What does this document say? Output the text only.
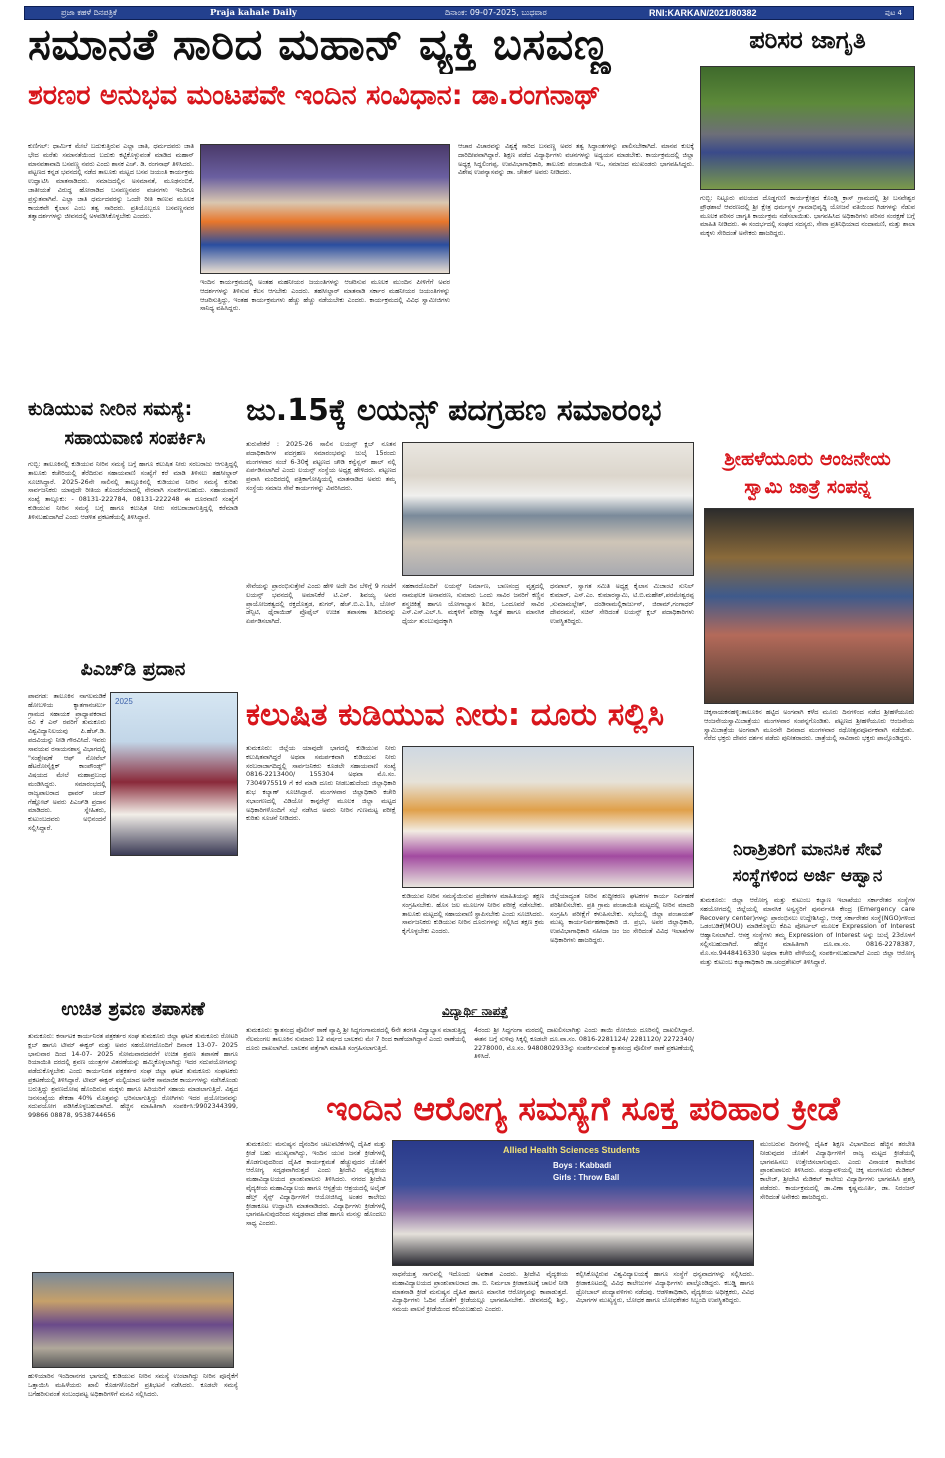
ಪ್ರಜಾ ಕಹಳೆ ದಿನಪತ್ರಿಕೆ	Praja kahale Daily	ದಿನಾಂಕ: 09-07-2025, ಬುಧವಾರ	RNI:KARKAN/2021/80382	ಪುಟ 4
ಸಮಾನತೆ ಸಾರಿದ ಮಹಾನ್ ವ್ಯಕ್ತಿ ಬಸವಣ್ಣ
ಶರಣರ ಅನುಭವ ಮಂಟಪವೇ ಇಂದಿನ ಸಂವಿಧಾನ: ಡಾ.ರಂಗನಾಥ್
ಕುಣಿಗಲ್: ಧಾರ್ಮಿಕ ಮೇಲೆ ಬದುಕುತ್ತಿರುವ ಎಲ್ಲಾ ಜಾತಿ, ಧರ್ಮದವರು ಜಾತಿ ಭೇದ ಮರೆತು ಸಮಾನತೆಯಿಂದ ಬದುಕು ಕಟ್ಟಿಕೊಳ್ಳುವಂತೆ ಮಾಡಿದ ಮಹಾನ್ ಮಾನವತಾವಾದಿ ಬಸವಣ್ಣ ನವರು ಎಂದು ಶಾಸಕ ಎಚ್. ಡಿ. ರಂಗನಾಥ್ ತಿಳಿಸಿದರು. ಪಟ್ಟಣದ ಕನ್ನಡ ಭವನದಲ್ಲಿ ನಡೆದ ತಾಲೂಕು ಮಟ್ಟದ ಬಸವ ಜಯಂತಿ ಕಾರ್ಯಕ್ರಮ ಉದ್ಘಾಟಿಸಿ ಮಾತನಾಡಿದರು. ಸಮಾಜದಲ್ಲಿನ ಅಸಮಾನತೆ, ಮೂಢನಂಬಿಕೆ, ಜಾತೀಯತೆ ವಿರುದ್ಧ ಹೋರಾಡಿದ ಬಸವಣ್ಣನವರ ವಚನಗಳು ಇಂದಿಗೂ ಪ್ರಸ್ತುತವಾಗಿವೆ. ಎಲ್ಲಾ ಜಾತಿ ಧರ್ಮದವರನ್ನು ಒಂದೇ ರೀತಿ ಕಾಣುವ ಮೂಲಕ ಕಾಯಕವೇ ಕೈಲಾಸ ಎಂಬ ತತ್ವ ಸಾರಿದರು. ಪ್ರತಿಯೊಬ್ಬರೂ ಬಸವಣ್ಣನವರ ತತ್ವಾದರ್ಶಗಳನ್ನು ಜೀವನದಲ್ಲಿ ಅಳವಡಿಸಿಕೊಳ್ಳಬೇಕು ಎಂದರು.
ಇಂದಿನ ಕಾರ್ಯಕ್ರಮದಲ್ಲಿ ಅಂತಹ ಮಹನೀಯರ ಜಯಂತಿಗಳನ್ನು ಆಚರಿಸುವ ಮೂಲಕ ಮುಂದಿನ ಪೀಳಿಗೆಗೆ ಅವರ ಆದರ್ಶಗಳನ್ನು ತಿಳಿಸುವ ಕೆಲಸ ಆಗಬೇಕು ಎಂದರು. ತಹಸೀಲ್ದಾರ್ ಮಾತನಾಡಿ ಸರ್ಕಾರ ಮಹನೀಯರ ಜಯಂತಿಗಳನ್ನು ಆಚರಿಸುತ್ತಿದ್ದು, ಇಂತಹ ಕಾರ್ಯಕ್ರಮಗಳು ಹೆಚ್ಚು ಹೆಚ್ಚು ನಡೆಯಬೇಕು ಎಂದರು. ಕಾರ್ಯಕ್ರಮದಲ್ಲಿ ವಿವಿಧ ಸ್ವಾಮೀಜಿಗಳು ಸಾನಿಧ್ಯ ವಹಿಸಿದ್ದರು.
ಆಚಾರ ವಿಚಾರವನ್ನು ವಿಶ್ವಕ್ಕೆ ಸಾರಿದ ಬಸವಣ್ಣ ಅವರ ತತ್ವ ಸಿದ್ಧಾಂತಗಳನ್ನು ಪಾಲಿಸಬೇಕಾಗಿದೆ. ಮಾನವ ಕುಲಕ್ಕೆ ದಾರಿದೀಪವಾಗಿದ್ದಾರೆ. ಶಿಕ್ಷಣ ಪಡೆದ ವಿದ್ಯಾರ್ಥಿಗಳು ವಚನಗಳನ್ನು ಅಧ್ಯಯನ ಮಾಡಬೇಕು. ಕಾರ್ಯಕ್ರಮದಲ್ಲಿ ಜಿಲ್ಲಾ ಅಧ್ಯಕ್ಷ ಸಿದ್ದಲಿಂಗಪ್ಪ, ಉಪವಿಭಾಗಾಧಿಕಾರಿ, ತಾಲೂಕು ಪಂಚಾಯಿತಿ ಇಒ, ಸಮಾಜದ ಮುಖಂಡರು ಭಾಗವಹಿಸಿದ್ದರು. ವಿಶೇಷ ಉಪನ್ಯಾಸವನ್ನು ಡಾ. ಚೇತನ್ ಅವರು ನೀಡಿದರು.
ಪರಿಸರ ಜಾಗೃತಿ
ಗುಬ್ಬಿ: ನಿಟ್ಟೂರು ವಲಯದ ದೊಡ್ಡಗುಣಿ ಕಾರ್ಯಕ್ಷೇತ್ರದ ಕೊಂಡ್ಲಿ ಕ್ರಾಸ್ ಗ್ರಾಮದಲ್ಲಿ ಶ್ರೀ ಬಸವೇಶ್ವರ ಪ್ರೌಢಶಾಲೆ ಆವರಣದಲ್ಲಿ ಶ್ರೀ ಕ್ಷೇತ್ರ ಧರ್ಮಸ್ಥಳ ಗ್ರಾಮಾಭಿವೃದ್ಧಿ ಯೋಜನೆ ವತಿಯಿಂದ ಗಿಡಗಳನ್ನು ನೆಡುವ ಮೂಲಕ ಪರಿಸರ ಜಾಗೃತಿ ಕಾರ್ಯಕ್ರಮ ನಡೆಸಲಾಯಿತು. ಭಾಗವಹಿಸಿದ ಅಧಿಕಾರಿಗಳು ಪರಿಸರ ಸಂರಕ್ಷಣೆ ಬಗ್ಗೆ ಮಾಹಿತಿ ನೀಡಿದರು. ಈ ಸಂದರ್ಭದಲ್ಲಿ ಸಂಘದ ಸದಸ್ಯರು, ಸೇವಾ ಪ್ರತಿನಿಧಿಯಾದ ನಂದಾಮಣಿ, ಮತ್ತು ಶಾಲಾ ಮಕ್ಕಳು ಸೇರಿದಂತೆ ಅನೇಕರು ಹಾಜರಿದ್ದರು.
ಶ್ರೀಹಳೆಯೂರು ಆಂಜನೇಯ
ಸ್ವಾಮಿ ಜಾತ್ರೆ ಸಂಪನ್ನ
ಚಿಕ್ಕನಾಯಕನಹಳ್ಳಿ:ತಾಲೂಕಿನ ಹಟ್ಟಿದ ಅಂಗವಾಗಿ ಕಳೆದ ಮೂರು ದಿನಗಳಿಂದ ನಡೆದ ಶ್ರೀಹಳೆಯೂರು ಆಂಜನೇಯಸ್ವಾಮಿಜಾತ್ರೆಯು ಮಂಗಳವಾರ ಸಂಪನ್ನಗೊಂಡಿತು. ಪಟ್ಟಣದ ಶ್ರೀಹಳೆಯೂರು ಆಂಜನೇಯ ಸ್ವಾಮಿಜಾತ್ರೆಯ ಅಂಗವಾಗಿ ಮೂರನೇ ದಿನವಾದ ಮಂಗಳವಾರ ರಥೋತ್ಸವಪೂರ್ವಕವಾಗಿ ನಡೆಯಿತು. ನೆರೆದ ಭಕ್ತರು ದೇವರ ದರ್ಶನ ಪಡೆದು ಪುನೀತರಾದರು. ಜಾತ್ರೆಯಲ್ಲಿ ಸಾವಿರಾರು ಭಕ್ತರು ಪಾಲ್ಗೊಂಡಿದ್ದರು.
ಕುಡಿಯುವ ನೀರಿನ ಸಮಸ್ಯೆ:
ಸಹಾಯವಾಣಿ ಸಂಪರ್ಕಿಸಿ
ಗುಬ್ಬಿ: ತಾಲೂಕಿನಲ್ಲಿ ಕುಡಿಯುವ ನೀರಿನ ಸಮಸ್ಯೆ ಬಗ್ಗೆ ಹಾಗೂ ಕಲುಷಿತ ನೀರು ಸರಬರಾಜು ಆಗುತ್ತಿದ್ದಲ್ಲಿ ತಾಲೂಕು ಕಚೇರಿಯಲ್ಲಿ ತೆರೆದಿರುವ ಸಹಾಯವಾಣಿ ಸಂಖ್ಯೆಗೆ ಕರೆ ಮಾಡಿ ತಿಳಿಸಲು ತಹಸೀಲ್ದಾರ್ ಸೂಚಿಸಿದ್ದಾರೆ. 2025-26ನೇ ಸಾಲಿನಲ್ಲಿ ತಾಲ್ಲೂಕಿನಲ್ಲಿ ಕುಡಿಯುವ ನೀರಿನ ಸಮಸ್ಯೆ ಕುರಿತು ಸಾರ್ವಜನಿಕರು ಯಾವುದೇ ರೀತಿಯ ತೊಂದರೆಯಾದಲ್ಲಿ ನೇರವಾಗಿ ಸಂಪರ್ಕಿಸಬಹುದು. ಸಹಾಯವಾಣಿ ಸಂಖ್ಯೆ ತಾಲ್ಲೂಕು: - 08131-222784, 08131-222248 ಈ ದೂರವಾಣಿ ಸಂಖ್ಯೆಗೆ ಕುಡಿಯುವ ನೀರಿನ ಸಮಸ್ಯೆ ಬಗ್ಗೆ ಹಾಗೂ ಕಲುಷಿತ ನೀರು ಸರಬರಾಜಾಗುತ್ತಿದ್ದಲ್ಲಿ ಕರೆಮಾಡಿ ತಿಳಿಸಬಹುದಾಗಿದೆ ಎಂದು ಆಡಳಿತ ಪ್ರಕಟಣೆಯಲ್ಲಿ ತಿಳಿಸಿದ್ದಾರೆ.
ಜು.15ಕ್ಕೆ ಲಯನ್ಸ್ ಪದಗ್ರಹಣ ಸಮಾರಂಭ
ತುರುವೇಕೆರೆ : 2025-26 ಸಾಲಿನ ಲಯನ್ಸ್ ಕ್ಲಬ್ ನೂತನ ಪದಾಧಿಕಾರಿಗಳ ಪದಗ್ರಹಣ ಸಮಾರಂಭವನ್ನು ಜುಲೈ 15ರಂದು ಮಂಗಳವಾರ ಸಂಜೆ 6-30ಕ್ಕೆ ಪಟ್ಟಣದ ಚೌಡಿ ಕನ್ವೆನ್ಷನ್ ಹಾಲ್ ನಲ್ಲಿ ಏರ್ಪಡಿಸಲಾಗಿದೆ ಎಂದು ಲಯನ್ಸ್ ಸಂಸ್ಥೆಯ ಅಧ್ಯಕ್ಷ ಹೇಳಿದರು. ಪಟ್ಟಣದ ಪ್ರವಾಸಿ ಮಂದಿರದಲ್ಲಿ ಪತ್ರಿಕಾಗೋಷ್ಠಿಯಲ್ಲಿ ಮಾತನಾಡಿದ ಅವರು ತಮ್ಮ ಸಂಸ್ಥೆಯ ಸಮಾಜ ಸೇವೆ ಕಾರ್ಯಗಳನ್ನು ವಿವರಿಸಿದರು.
ಸೇವೆಯನ್ನು ಪ್ರಾರಂಭಿಸುತ್ತೇವೆ ಎಂದು ಹೇಳಿ ಅದೇ ದಿನ ಬೆಳಿಗ್ಗೆ 9 ಗಂಟೆಗೆ ಲಯನ್ಸ್ ಭವನದಲ್ಲಿ ಅಮಾನಿಕೆರೆ ಟಿ.ಎನ್. ಶಿವಯ್ಯ ಅವರ ಪ್ರಾಯೋಜಕತ್ವದಲ್ಲಿ ರಕ್ತದೊತ್ತಡ, ಶುಗರ್, ಹೆಚ್.ಬಿ.ಎ.1ಸಿ, ಬೋನ್ ಡೆನ್ಸಿಟಿ, ಥೈರಾಯಿಡ್ ಪ್ರೊಫೈಲ್ ಉಚಿತ ತಪಾಸಣಾ ಶಿಬಿರವನ್ನು ಏರ್ಪಡಿಸಲಾಗಿದೆ.
ಸಹಕಾರದೊಂದಿಗೆ ಲಯನ್ಸ್ ನಿರ್ಮಾಣ, ಬಾಣಸಂದ್ರ ವೃತ್ತದಲ್ಲಿ ನಾಮಫಲಕ ಅನಾವರಣ, ಸುಮಾರು ಒಂದು ಸಾವಿರ ಜನರಿಗೆ ಕಣ್ಣಿನ ಶಸ್ತ್ರಚಿಕಿತ್ಸೆ ಹಾಗೂ ಯೋಗಾಭ್ಯಾಸ ಶಿಬಿರ, ಒಂದೂವರೆ ಸಾವಿರ ಎಸ್.ಎಸ್.ಎಲ್.ಸಿ. ಮಕ್ಕಳಿಗೆ ಪರೀಕ್ಷಾ ಸಿದ್ಧತೆ ಹಾಗೂ ಮಾನಸಿಕ ಧೈರ್ಯ ತುಂಬುವುದಕ್ಕಾಗಿ
ಧನಪಾಲ್, ಸ್ವಾಗತ ಸಮಿತಿ ಅಧ್ಯಕ್ಷ ಕೈಲಾಸ ಮಿಜಾಂಟಿ ಸುನಿಲ್ ಕುಮಾರ್, ಎಸ್.ಎಂ. ಕುಮಾರಸ್ವಾಮಿ, ಟಿ.ಬಿ.ಮಹೇಶ್,ಪರಮೇಶ್ವರಪ್ಪ ,ಸುಮಾಮಲ್ಲೇಶ್, ದಂಡಿನಾಮಲ್ಲಿಕಾರ್ಜುನ್, ಜಿರಾಮ್,ಗಂಗಾಧರ್ ದೇವರಮನೆ, ಸಚಿನ್ ಸೇರಿದಂತೆ ಲಯನ್ಸ್ ಕ್ಲಬ್ ಪದಾಧಿಕಾರಿಗಳು ಉಪಸ್ಥಿತರಿದ್ದರು.
ಪಿಎಚ್‌ಡಿ ಪ್ರದಾನ
ಪಾವಗಡ: ತಾಲೂಕಿನ ನಾಗಲಮಡಿಕೆ ಹೋಬಳಿಯ ಕ್ಯಾತಗಾನಚರ್ಲು ಗ್ರಾಮದ ಸಹಾಯಕ ಪ್ರಾಧ್ಯಾಪಕರಾದ ರವಿ ಕೆ ಎನ್ ರವರಿಗೆ ತುಮಕೂರು ವಿಶ್ವವಿದ್ಯಾನಿಲಯವು ಪಿ.ಹೆಚ್.ಡಿ. ಪದವಿಯನ್ನು ನೀಡಿ ಗೌರವಿಸಿದೆ. ಇವರು ಸಾವಯವ ರಸಾಯನಶಾಸ್ತ್ರ ವಿಭಾಗದಲ್ಲಿ "ಸಂಶ್ಲೇಷಣೆ ಆಫ್ ನೋವೆಲ್ ಹೆಟರೋಸೈಕ್ಲಿಕ್ ಕಾಂಪೌಂಡ್ಸ್" ವಿಷಯದ ಮೇಲೆ ಮಹಾಪ್ರಬಂಧ ಮಂಡಿಸಿದ್ದರು. ಸಮಾರಂಭದಲ್ಲಿ ರಾಜ್ಯಪಾಲರಾದ ಥಾವರ್ ಚಂದ್ ಗೆಹ್ಲೋಟ್ ಅವರು ಪಿಎಚ್‌ಡಿ ಪ್ರದಾನ ಮಾಡಿದರು. ಸ್ನೇಹಿತರು, ಕುಟುಂಬದವರು ಅಭಿನಂದನೆ ಸಲ್ಲಿಸಿದ್ದಾರೆ.
2025	ಕಲುಷಿತ ಕುಡಿಯುವ ನೀರು: ದೂರು ಸಲ್ಲಿಸಿ
ತುಮಕೂರು: ಜಿಲ್ಲೆಯ ಯಾವುದೇ ಭಾಗದಲ್ಲಿ ಕುಡಿಯುವ ನೀರು ಕಲುಷಿತವಾಗಿದ್ದರೆ ಅಥವಾ ಸಮರ್ಪಕವಾಗಿ ಕುಡಿಯುವ ನೀರು ಸರಬರಾಜಾಗದಿದ್ದಲ್ಲಿ ಸಾರ್ವಜನಿಕರು ಕೂಡಲೇ ಸಹಾಯವಾಣಿ ಸಂಖ್ಯೆ 0816-2213400/ 155304 ಅಥವಾ ಮೊ.ಸಂ. 7304975519 ಗೆ ಕರೆ ಮಾಡಿ ದೂರು ನೀಡಬಹುದೆಂದು ಜಿಲ್ಲಾಧಿಕಾರಿ ಶುಭ ಕಲ್ಯಾಣ್ ಸೂಚಿಸಿದ್ದಾರೆ. ಮಂಗಳವಾರ ಜಿಲ್ಲಾಧಿಕಾರಿ ಕಚೇರಿ ಸಭಾಂಗಣದಲ್ಲಿ ವಿಡಿಯೋ ಕಾನ್ಫರೆನ್ಸ್ ಮೂಲಕ ಜಿಲ್ಲಾ ಮಟ್ಟದ ಅಧಿಕಾರಿಗಳೊಂದಿಗೆ ಸಭೆ ನಡೆಸಿದ ಅವರು ನೀರಿನ ಗುಣಮಟ್ಟ ಪರೀಕ್ಷೆ ಕುರಿತು ಸೂಚನೆ ನೀಡಿದರು.
ಕುಡಿಯುವ ನೀರಿನ ಸಮಸ್ಯೆಯಿರುವ ಪ್ರದೇಶಗಳ ಮಾಹಿತಿಯನ್ನು ತಕ್ಷಣ ಸಂಗ್ರಹಿಸಬೇಕು. ಹೊಸ ಜಲ ಮೂಲಗಳ ನೀರಿನ ಪರೀಕ್ಷೆ ನಡೆಸಬೇಕು. ತಾಲೂಕು ಮಟ್ಟದಲ್ಲಿ ಸಹಾಯವಾಣಿ ಸ್ಥಾಪಿಸಬೇಕು ಎಂದು ಸೂಚಿಸಿದರು. ಸಾರ್ವಜನಿಕರು ಕುಡಿಯುವ ನೀರಿನ ದೂರುಗಳನ್ನು ಸಲ್ಲಿಸಿದ ತಕ್ಷಣ ಕ್ರಮ ಕೈಗೊಳ್ಳಬೇಕು ಎಂದರು.
ಜಿಲ್ಲೆಯಾದ್ಯಂತ ನೀರಿನ ಶುದ್ಧೀಕರಣ ಘಟಕಗಳ ಕಾರ್ಯ ನಿರ್ವಹಣೆ ಪರಿಶೀಲಿಸಬೇಕು. ಪ್ರತಿ ಗ್ರಾಮ ಪಂಚಾಯಿತಿ ಮಟ್ಟದಲ್ಲಿ ನೀರಿನ ಮಾದರಿ ಸಂಗ್ರಹಿಸಿ ಪರೀಕ್ಷೆಗೆ ಕಳುಹಿಸಬೇಕು. ಸಭೆಯಲ್ಲಿ ಜಿಲ್ಲಾ ಪಂಚಾಯತ್ ಮುಖ್ಯ ಕಾರ್ಯನಿರ್ವಹಣಾಧಿಕಾರಿ ಜಿ. ಪ್ರಭು, ಅಪರ ಜಿಲ್ಲಾಧಿಕಾರಿ, ಉಪವಿಭಾಗಾಧಿಕಾರಿ ನಹೀದಾ ಜಂ ಜಂ ಸೇರಿದಂತೆ ವಿವಿಧ ಇಲಾಖೆಗಳ ಅಧಿಕಾರಿಗಳು ಹಾಜರಿದ್ದರು.
ನಿರಾಶ್ರಿತರಿಗೆ ಮಾನಸಿಕ ಸೇವೆ
ಸಂಸ್ಥೆಗಳಿಂದ ಅರ್ಜಿ ಆಹ್ವಾನ
ತುಮಕೂರು: ಜಿಲ್ಲಾ ಆರೋಗ್ಯ ಮತ್ತು ಕುಟುಂಬ ಕಲ್ಯಾಣ ಇಲಾಖೆಯು ಸರ್ಕಾರೇತರ ಸಂಸ್ಥೆಗಳ ಸಹಯೋಗದಲ್ಲಿ ಜಿಲ್ಲೆಯಲ್ಲಿ ಮಾನಸಿಕ ಅಸ್ವಸ್ಥರಿಗೆ ಪುನರ್ವಸತಿ ಕೇಂದ್ರ (Emergency care Recovery center)ಗಳನ್ನು ಪ್ರಾರಂಭಿಸಲು ಉದ್ದೇಶಿಸಿದ್ದು, ಆಸಕ್ತ ಸರ್ಕಾರೇತರ ಸಂಸ್ಥೆ(NGO)ಗಳಿಂದ ಒಡಂಬಡಿಕೆ(MOU) ಮಾಡಿಕೊಳ್ಳಲು ಕೆಪಿಎ ಪೋರ್ಟಲ್ ಮೂಲಕ Expression of Interest ಆಹ್ವಾನಿಸಲಾಗಿದೆ. ಆಸಕ್ತ ಸಂಸ್ಥೆಗಳು ತಮ್ಮ Expression of Interest ಅನ್ನು ಜುಲೈ 23ರೊಳಗೆ ಸಲ್ಲಿಸಬಹುದಾಗಿದೆ. ಹೆಚ್ಚಿನ ಮಾಹಿತಿಗಾಗಿ ದೂ.ವಾ.ಸಂ. 0816-2278387, ಮೊ.ಸಂ.9448416330 ಅಥವಾ ಕಚೇರಿ ವೇಳೆಯಲ್ಲಿ ಸಂಪರ್ಕಿಸಬಹುದಾಗಿದೆ ಎಂದು ಜಿಲ್ಲಾ ಆರೋಗ್ಯ ಮತ್ತು ಕುಟುಂಬ ಕಲ್ಯಾಣಾಧಿಕಾರಿ ಡಾ.ಚಂದ್ರಶೇಖರ್ ತಿಳಿಸಿದ್ದಾರೆ.
ಉಚಿತ ಶ್ರವಣ ತಪಾಸಣೆ
ತುಮಕೂರು: ಕರ್ನಾಟಕ ಕಾರ್ಯನಿರತ ಪತ್ರಕರ್ತರ ಸಂಘ ತುಮಕೂರು ಜಿಲ್ಲಾ ಘಟಕ ತುಮಕೂರು ರೋಟರಿ ಕ್ಲಬ್ ಹಾಗೂ ಟೀಮ್ ಈಕ್ವರ್ ಮತ್ತು ಅವರ ಸಹಯೋಗದೊಂದಿಗೆ ದಿನಾಂಕ 13-07- 2025 ಭಾನುವಾರ ದಿಂದ 14-07- 2025 ಸೋಮವಾರದವರೆಗೆ ಉಚಿತ ಶ್ರವಣ ತಪಾಸಣೆ ಹಾಗೂ ರಿಯಾಯಿತಿ ದರದಲ್ಲಿ ಶ್ರವಣ ಯಂತ್ರಗಳ ವಿತರಣೆಯನ್ನು ಹಮ್ಮಿಕೊಳ್ಳಲಾಗಿದ್ದು ಇದರ ಸದುಪಯೋಗವನ್ನು ಪಡೆದುಕೊಳ್ಳಬೇಕು ಎಂದು ಕಾರ್ಯನಿರತ ಪತ್ರಕರ್ತರ ಸಂಘ ಜಿಲ್ಲಾ ಘಟಕ ತುಮಕೂರು ಸಂಘಟಕರು ಪ್ರಕಟಣೆಯಲ್ಲಿ ತಿಳಿಸಿದ್ದಾರೆ. ಟೀಮ್ ಈಕ್ವರ್ ಮಲ್ಟಿಯಾದ ಅನೇಕ ಸಾಮಾಜಿಕ ಕಾರ್ಯಗಳನ್ನು ನಡೆಸಿಕೊಂಡು ಬರುತ್ತಿದ್ದು ಶ್ರವಣದೋಷ ಹೊಂದಿರುವ ಮಕ್ಕಳು ಹಾಗೂ ಹಿರಿಯರಿಗೆ ಸಹಾಯ ಮಾಡಲಾಗುತ್ತಿದೆ. ವಿಶ್ವದ ಜನಸಂಖ್ಯೆಯ ಶೇಕಡಾ 40% ಮೊತ್ತವನ್ನು ಭರಿಸಲಾಗುತ್ತಿದ್ದು ರೋಗಿಗಳು ಇದರ ಪ್ರಯೋಜನವನ್ನು ಸದುಪಯೋಗ ಪಡಿಸಿಕೊಳ್ಳಬಹುದಾಗಿದೆ. ಹೆಚ್ಚಿನ ಮಾಹಿತಿಗಾಗಿ ಸಂಪರ್ಕಿಸಿ:9902344399, 99866 08878, 9538744656
ಹುಳಿಯಾರಿನ ಇಂದಿರಾನಗರ ಭಾಗದಲ್ಲಿ ಕುಡಿಯುವ ನೀರಿನ ಸಮಸ್ಯೆ ಉಂಟಾಗಿದ್ದು ನೀರಿನ ಪೂರೈಕೆಗೆ ಒತ್ತಾಯಿಸಿ ಮಹಿಳೆಯರು ಖಾಲಿ ಕೊಡಗಳೊಂದಿಗೆ ಪ್ರತಿಭಟನೆ ನಡೆಸಿದರು. ಕೂಡಲೇ ಸಮಸ್ಯೆ ಬಗೆಹರಿಸುವಂತೆ ಸಂಬಂಧಪಟ್ಟ ಅಧಿಕಾರಿಗಳಿಗೆ ಮನವಿ ಸಲ್ಲಿಸಿದರು.
ವಿದ್ಯಾರ್ಥಿ ನಾಪತ್ತೆ
ತುಮಕೂರು: ಕ್ಯಾತಸಂದ್ರ ಪೊಲೀಸ್ ಠಾಣೆ ವ್ಯಾಪ್ತಿ ಶ್ರೀ ಸಿದ್ಧಗಂಗಾಮಠದಲ್ಲಿ 6ನೇ ತರಗತಿ ವಿದ್ಯಾಭ್ಯಾಸ ಮಾಡುತ್ತಿದ್ದ ನೆಲಮಂಗಲ ತಾಲೂಕಿನ ಸುಮಾರು 12 ವರ್ಷದ ಬಾಲಕನು ಮೇ 7 ರಿಂದ ಕಾಣೆಯಾಗಿದ್ದಾನೆ ಎಂದು ಠಾಣೆಯಲ್ಲಿ ದೂರು ದಾಖಲಾಗಿದೆ. ಬಾಲಕನ ಪತ್ತೆಗಾಗಿ ಮಾಹಿತಿ ಸಂಗ್ರಹಿಸಲಾಗುತ್ತಿದೆ.
4ರಂದು ಶ್ರೀ ಸಿದ್ಧಗಂಗಾ ಮಠದಲ್ಲಿ ದಾಖಲಿಸಲಾಗಿತ್ತು ಎಂದು ತಾಯಿ ರೋಜಿಯ ದೂರಿನಲ್ಲಿ ದಾಖಲಿಸಿದ್ದಾರೆ. ಈತನ ಬಗ್ಗೆ ಸುಳಿವು ಸಿಕ್ಕಲ್ಲಿ ಕೂಡಲೇ ದೂ.ವಾ.ಸಂ. 0816-2281124/ 2281120/ 2272340/ 2278000, ಮೊ.ಸಂ. 9480802933ನ್ನು ಸಂಪರ್ಕಿಸುವಂತೆ ಕ್ಯಾತಸಂದ್ರ ಪೊಲೀಸ್ ಠಾಣೆ ಪ್ರಕಟಣೆಯಲ್ಲಿ ತಿಳಿಸಿದೆ.
ಇಂದಿನ ಆರೋಗ್ಯ ಸಮಸ್ಯೆಗೆ ಸೂಕ್ತ ಪರಿಹಾರ ಕ್ರೀಡೆ
ತುಮಕೂರು: ಮನುಷ್ಯನ ದೈನಂದಿನ ಚಟುವಟಿಕೆಗಳಲ್ಲಿ ದೈಹಿಕ ಮತ್ತು ಕ್ರೀಡೆ ಬಹು ಮುಖ್ಯವಾಗಿದ್ದು, ಇಂದಿನ ಯುವ ಜನತೆ ಕ್ರೀಡೆಗಳಲ್ಲಿ ತೊಡಗುವುದರಿಂದ ದೈಹಿಕ ಕಾರ್ಯಕ್ಷಮತೆ ಹೆಚ್ಚುವುದರ ಜೊತೆಗೆ ಆರೋಗ್ಯ ಸದೃಢವಾಗಿರುತ್ತದೆ ಎಂದು ಶ್ರೀದೇವಿ ವೈದ್ಯಕೀಯ ಮಹಾವಿದ್ಯಾಲಯದ ಪ್ರಾಂಶುಪಾಲರು ತಿಳಿಸಿದರು. ನಗರದ ಶ್ರೀದೇವಿ ವೈದ್ಯಕೀಯ ಮಹಾವಿದ್ಯಾಲಯ ಹಾಗೂ ಆಸ್ಪತ್ರೆಯ ಆಶ್ರಯದಲ್ಲಿ ಅಲೈಡ್ ಹೆಲ್ತ್ ಸೈನ್ಸ್ ವಿದ್ಯಾರ್ಥಿಗಳಿಗೆ ಆಯೋಜಿಸಿದ್ದ ಅಂತರ ಕಾಲೇಜು ಕ್ರೀಡಾಕೂಟ ಉದ್ಘಾಟಿಸಿ ಮಾತನಾಡಿದರು. ವಿದ್ಯಾರ್ಥಿಗಳು ಕ್ರೀಡೆಗಳಲ್ಲಿ ಭಾಗವಹಿಸುವುದರಿಂದ ಸದೃಢವಾದ ದೇಹ ಹಾಗೂ ಮನಸ್ಸು ಹೊಂದಲು ಸಾಧ್ಯ ಎಂದರು.
Allied Health Sciences Students
Boys : Kabbadi
Girls : Throw Ball
ಸಾಧನೆಯತ್ತ ಸಾಗುವಲ್ಲಿ ಇದೊಂದು ಅವಕಾಶ ಎಂದರು. ಶ್ರೀದೇವಿ ವೈದ್ಯಕೀಯ ಮಹಾವಿದ್ಯಾಲಯದ ಪ್ರಾಂಶುಪಾಲರಾದ ಡಾ. ಬಿ. ನಿರ್ಮಲಾ ಕ್ರೀಡಾಕೂಟಕ್ಕೆ ಚಾಲನೆ ನೀಡಿ ಮಾತನಾಡಿ ಕ್ರೀಡೆ ಮನುಷ್ಯನ ದೈಹಿಕ ಹಾಗೂ ಮಾನಸಿಕ ಆರೋಗ್ಯವನ್ನು ಕಾಪಾಡುತ್ತದೆ. ವಿದ್ಯಾರ್ಥಿಗಳು ಓದಿನ ಜೊತೆಗೆ ಕ್ರೀಡೆಯಲ್ಲೂ ಭಾಗವಹಿಸಬೇಕು. ಜೀವನದಲ್ಲಿ ಶಿಸ್ತು, ಸಮಯ ಪಾಲನೆ ಕ್ರೀಡೆಯಿಂದ ಕಲಿಯಬಹುದು ಎಂದರು.
ಕಲ್ಪಿಸಿಕೊಟ್ಟಿರುವ ವಿಶ್ವವಿದ್ಯಾಲಯಕ್ಕೆ ಹಾಗೂ ಸಂಸ್ಥೆಗೆ ಧನ್ಯವಾದಗಳನ್ನು ಸಲ್ಲಿಸಿದರು. ಕ್ರೀಡಾಕೂಟದಲ್ಲಿ ವಿವಿಧ ಕಾಲೇಜುಗಳ ವಿದ್ಯಾರ್ಥಿಗಳು ಪಾಲ್ಗೊಂಡಿದ್ದರು. ಕಬಡ್ಡಿ ಹಾಗೂ ಥ್ರೋಬಾಲ್ ಪಂದ್ಯಾವಳಿಗಳು ನಡೆದವು. ಆಡಳಿತಾಧಿಕಾರಿ, ವೈದ್ಯಕೀಯ ಅಧೀಕ್ಷಕರು, ವಿವಿಧ ವಿಭಾಗಗಳ ಮುಖ್ಯಸ್ಥರು, ಬೋಧಕ ಹಾಗೂ ಬೋಧಕೇತರ ಸಿಬ್ಬಂದಿ ಉಪಸ್ಥಿತರಿದ್ದರು.
ಮುಂಬರುವ ದಿನಗಳಲ್ಲಿ ದೈಹಿಕ ಶಿಕ್ಷಣ ವಿಭಾಗದಿಂದ ಹೆಚ್ಚಿನ ತರಬೇತಿ ನೀಡುವುದರ ಜೊತೆಗೆ ವಿದ್ಯಾರ್ಥಿಗಳಿಗೆ ರಾಜ್ಯ ಮಟ್ಟದ ಕ್ರೀಡೆಯಲ್ಲಿ ಭಾಗವಹಿಸಲು ಉತ್ತೇಜಿಸಲಾಗುವುದು. ಎಂದು ವಿನಾಯಕ ಕಾಲೇಜಿನ ಪ್ರಾಂಶುಪಾಲರು ತಿಳಿಸಿದರು. ಪಂದ್ಯಾವಳಿಯಲ್ಲಿ ಚಿಕ್ಕ ಮಂಗಳೂರು ಮೆಡಿಕಲ್ ಕಾಲೇಜ್, ಶ್ರೀದೇವಿ ಮೆಡಿಕಲ್ ಕಾಲೇಜು ವಿದ್ಯಾರ್ಥಿಗಳು ಭಾಗವಹಿಸಿ ಪ್ರಶಸ್ತಿ ಪಡೆದರು. ಕಾರ್ಯಕ್ರಮದಲ್ಲಿ ಡಾ.ವಿಣಾ ಕೃಷ್ಣಮೂರ್ತಿ, ಡಾ. ನಿರಂಜನ್ ಸೇರಿದಂತೆ ಅನೇಕರು ಹಾಜರಿದ್ದರು.
